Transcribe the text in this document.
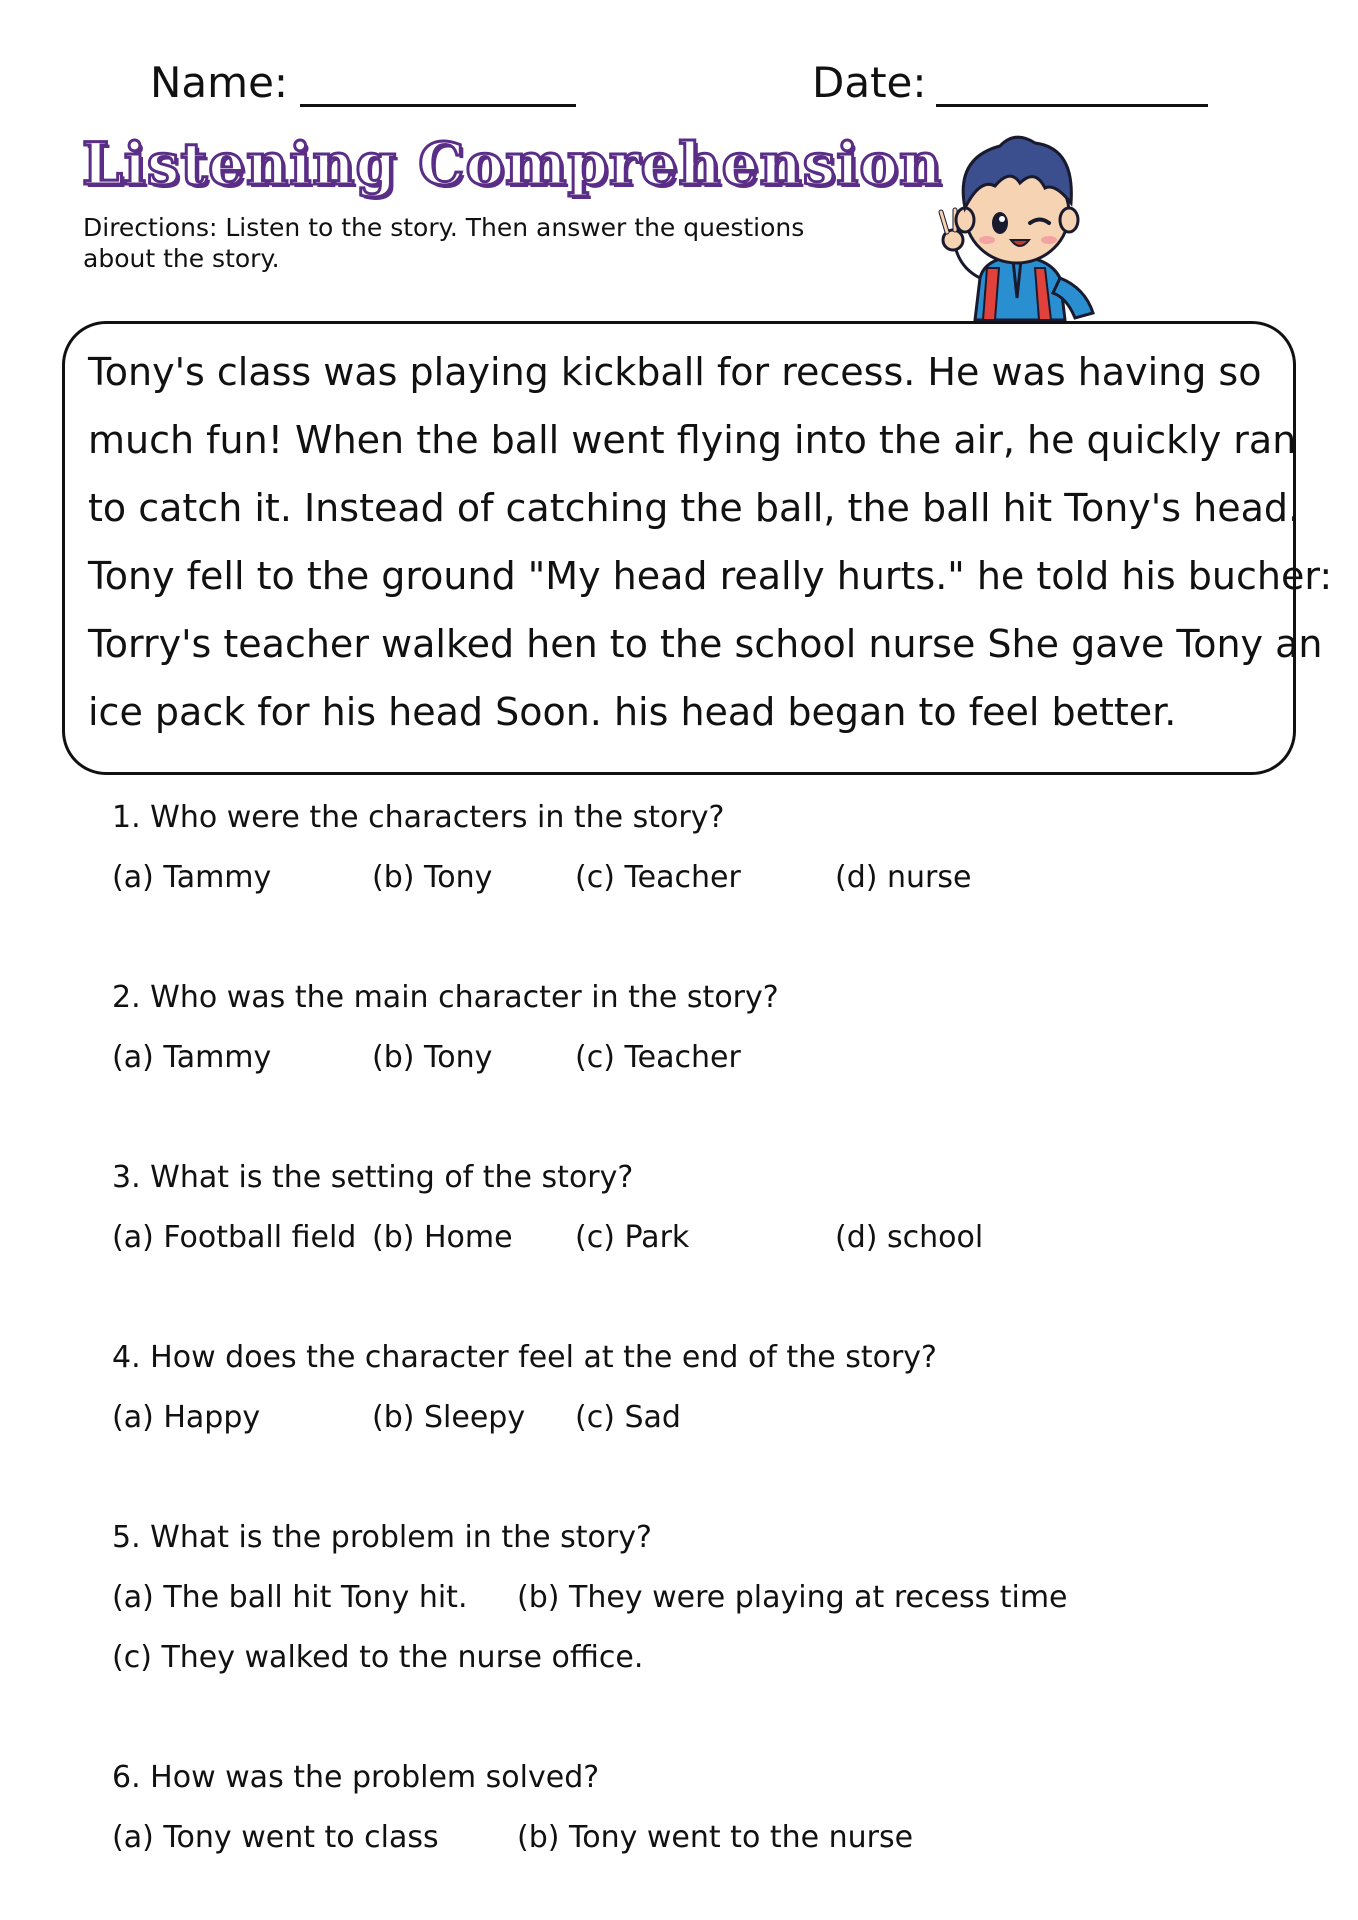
Name:	Date:
Listening Comprehension
Directions: Listen to the story. Then answer the questions about the story.
Tony's class was playing kickball for recess. He was having so
much fun! When the ball went flying into the air, he quickly ran
to catch it. Instead of catching the ball, the ball hit Tony's head.
Tony fell to the ground "My head really hurts." he told his bucher:
Torry's teacher walked hen to the school nurse She gave Tony an
ice pack for his head Soon. his head began to feel better.
1. Who were the characters in the story?
(a) Tammy	(b) Tony	(c) Teacher	(d) nurse
2. Who was the main character in the story?
(a) Tammy	(b) Tony	(c) Teacher
3. What is the setting of the story?
(a) Football field (b) Home (c) Park	(d) school
4. How does the character feel at the end of the story?
(a) Happy	(b) Sleepy (c) Sad
5. What is the problem in the story?
(a) The ball hit Tony hit. (b) They were playing at recess time
(c) They walked to the nurse office.
6. How was the problem solved?
(a) Tony went to class	(b) Tony went to the nurse
